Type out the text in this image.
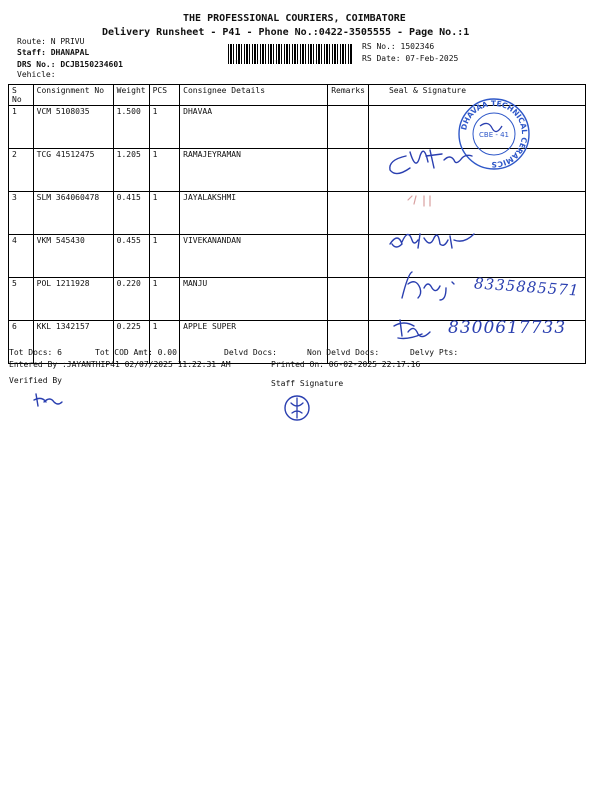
THE PROFESSIONAL COURIERS, COIMBATORE
Delivery Runsheet - P41 - Phone No.:0422-3505555 - Page No.:1
Route: N PRIVU
Staff: DHANAPAL
DRS No.: DCJB150234601
Vehicle:
RS No.: 1502346
RS Date: 07-Feb-2025
S No	Consignment No	Weight	PCS	Consignee Details	Remarks	Seal & Signature
1	VCM 5108035	1.500	1	DHAVAA		
2	TCG 41512475	1.205	1	RAMAJEYRAMAN		
3	SLM 364060478	0.415	1	JAYALAKSHMI		
4	VKM 545430	0.455	1	VIVEKANANDAN		
5	POL 1211928	0.220	1	MANJU		
6	KKL 1342157	0.225	1	APPLE SUPER		
DHAVAA TECHNICAL CERAMICS
CBE - 41
8335885571
8300617733
Tot Docs: 6	Tot COD Amt: 0.00	Delvd Docs:	Non Delvd Docs:	Delvy Pts:
Entered By :JAYANTHIP41 02/07/2025 11:22:31 AM	Printed On: 06-02-2025 22:17:16
Verified By	Staff Signature
